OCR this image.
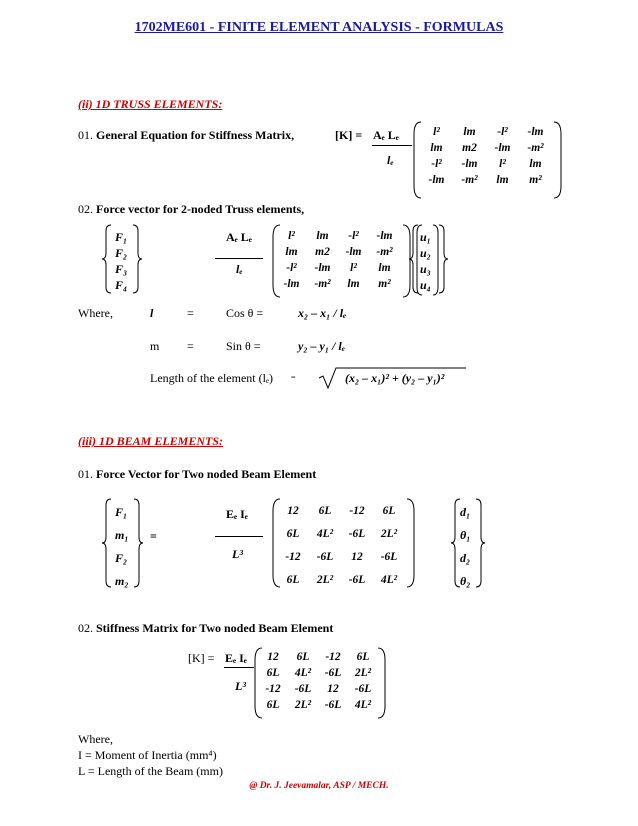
1702ME601 - FINITE ELEMENT ANALYSIS - FORMULAS
(ii) 1D TRUSS ELEMENTS:
01. General Equation for Stiffness Matrix,	[K] = Aₑ Lₑ
lₑ
l²	lm	-l²	-lm
lm	m2	-lm	-m²
-l²	-lm	l²	lm
-lm	-m²	lm	m²
02. Force vector for 2-noded Truss elements,
F₁
F₂
F₃
F₄
Aₑ Lₑ
lₑ
l²	lm	-l²	-lm
lm	m2	-lm	-m²
-l²	-lm	l²	lm
-lm	-m²	lm	m²
u₁
u₂
u₃
u₄
Where,	l	=	Cos θ =	x₂ – x₁ / lₑ
m =	Sin θ =	y₂ – y₁ / lₑ
Length of the element (lₑ) =	(x₂ – x₁)² + (y₂ – y₁)²
(iii) 1D BEAM ELEMENTS:
01. Force Vector for Two noded Beam Element
F₁
m₁
F₂
m₂
=
Eₑ Iₑ
L³
12	6L	-12	6L
6L	4L²	-6L	2L²
-12	-6L	12	-6L
6L	2L²	-6L	4L²
d₁
θ₁
d₂
θ₂
02. Stiffness Matrix for Two noded Beam Element
[K] = Eₑ Iₑ
L³
12	6L	-12	6L
6L	4L²	-6L	2L²
-12	-6L	12	-6L
6L	2L²	-6L	4L²
Where,
I = Moment of Inertia (mm⁴)
L = Length of the Beam (mm)
@ Dr. J. Jeevamalar, ASP / MECH.
